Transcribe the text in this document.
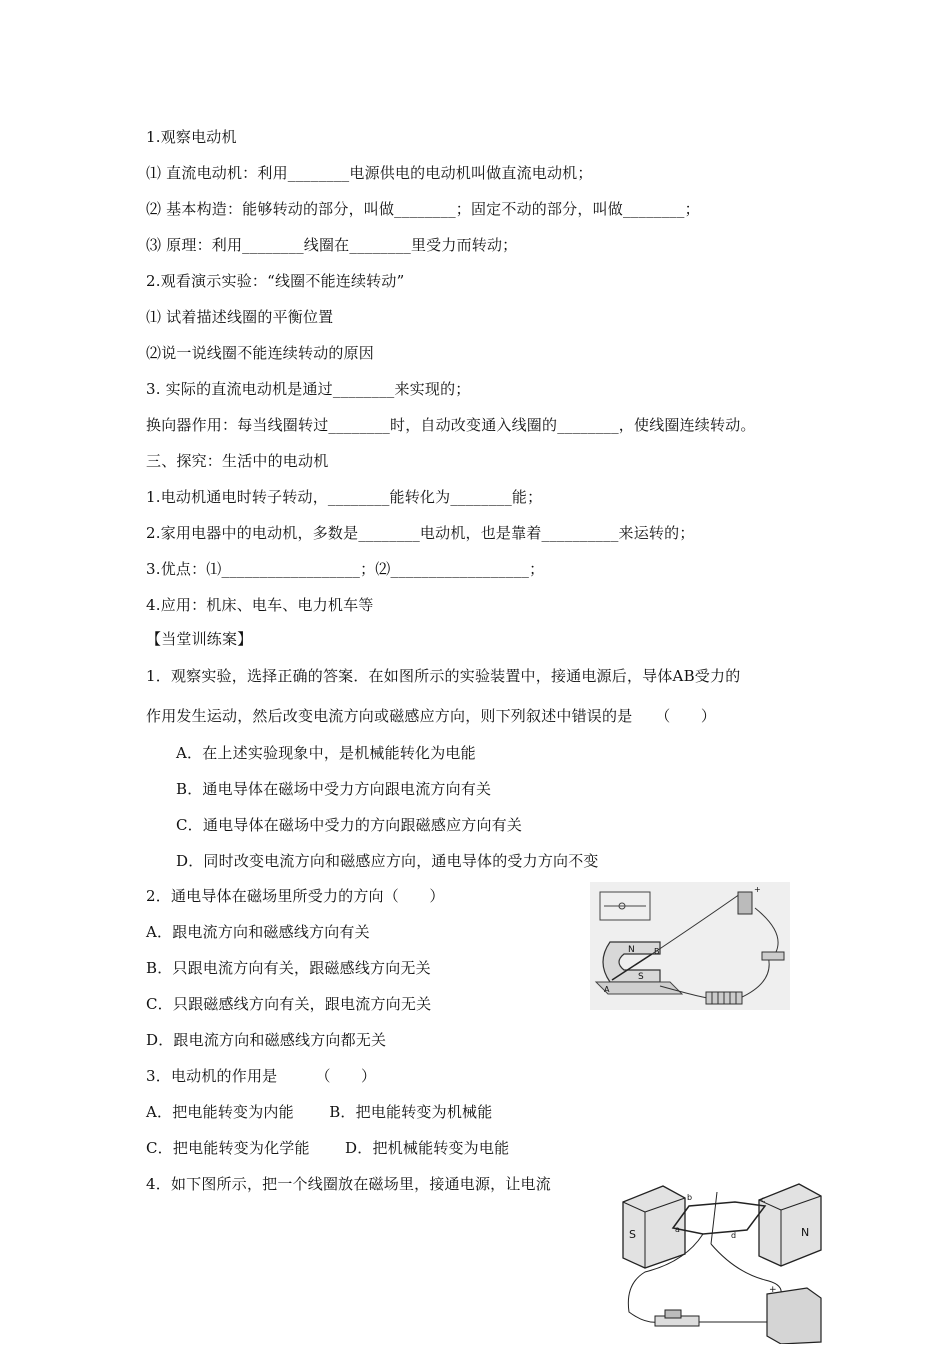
1.观察电动机
⑴ 直流电动机：利用________电源供电的电动机叫做直流电动机；
⑵ 基本构造：能够转动的部分，叫做________；固定不动的部分，叫做________；
⑶ 原理：利用________线圈在________里受力而转动；
2.观看演示实验：“线圈不能连续转动”
⑴ 试着描述线圈的平衡位置
⑵说一说线圈不能连续转动的原因
3. 实际的直流电动机是通过________来实现的；
换向器作用：每当线圈转过________时，自动改变通入线圈的________，使线圈连续转动。
三、探究：生活中的电动机
1.电动机通电时转子转动，________能转化为________能；
2.家用电器中的电动机，多数是________电动机，也是靠着__________来运转的；
3.优点：⑴__________________；⑵__________________；
4.应用：机床、电车、电力机车等
【当堂训练案】
1．观察实验，选择正确的答案．在如图所示的实验装置中，接通电源后，导体AB受力的
作用发生运动，然后改变电流方向或磁感应方向，则下列叙述中错误的是　　（　　）
A．在上述实验现象中，是机械能转化为电能
B．通电导体在磁场中受力方向跟电流方向有关
C．通电导体在磁场中受力的方向跟磁感应方向有关
D．同时改变电流方向和磁感应方向，通电导体的受力方向不变
2．通电导体在磁场里所受力的方向（　　）
A．跟电流方向和磁感线方向有关
B．只跟电流方向有关，跟磁感线方向无关
C．只跟磁感线方向有关，跟电流方向无关
D．跟电流方向和磁感线方向都无关
3．电动机的作用是　　　（　　）
A．把电能转变为内能　　 B．把电能转变为机械能
C．把电能转变为化学能　　 D．把机械能转变为电能
4．如下图所示，把一个线圈放在磁场里，接通电源，让电流
N
S
A
B
+
S	N
a
b	c
d
+
